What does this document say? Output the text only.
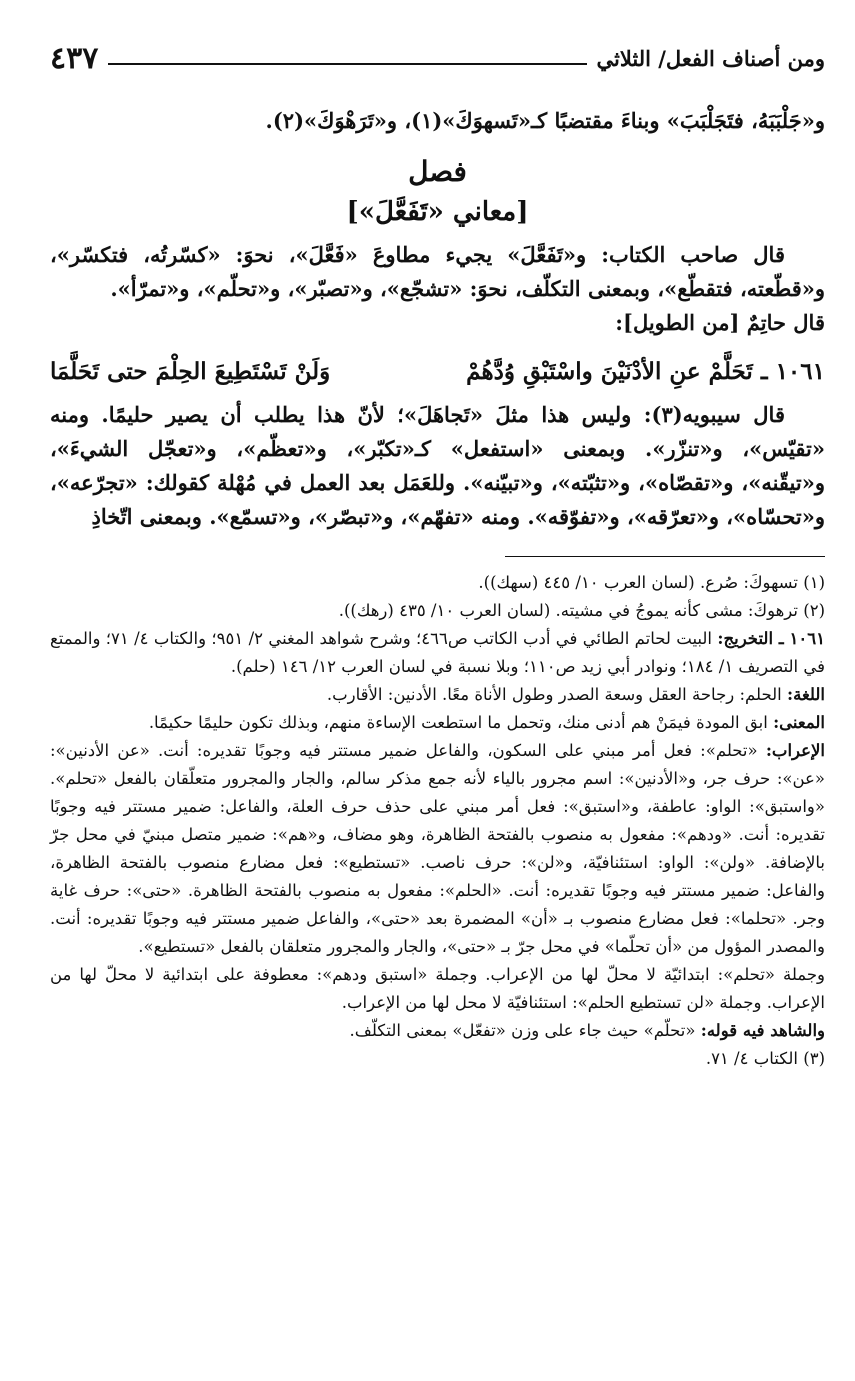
ومن أصناف الفعل/ الثلاثي
٤٣٧

و«جَلْبَبَهُ، فتَجَلْبَبَ» وبناءَ مقتضبًا كـ«تَسهوَكَ»(١)، و«تَرَهْوَكَ»(٢).

فصل
[معاني «تَفَعَّلَ»]

قال صاحب الكتاب: و«تَفَعَّلَ» يجيء مطاوعَ «فَعَّلَ»، نحوَ: «كسّرتُه، فتكسّر»، و«قطّعته، فتقطّع»، وبمعنى التكلّف، نحوَ: «تشجّع»، و«تصبّر»، و«تحلّم»، و«تمرّأ».

قال حاتِمٌ [من الطويل]:

١٠٦١ ـ تَحَلَّمْ عنِ الأدْنَيْنَ واسْتَبْقِ وُدَّهُمْ
وَلَنْ تَسْتَطِيعَ الحِلْمَ حتى تَحَلَّمَا

قال سيبويه(٣): وليس هذا مثلَ «تَجاهَلَ»؛ لأنّ هذا يطلب أن يصير حليمًا. ومنه «تقيّس»، و«تنزّر». وبمعنى «استفعل» كـ«تكبّر»، و«تعظّم»، و«تعجّل الشيءَ»، و«تيقّنه»، و«تقصّاه»، و«تثبّته»، و«تبيّنه». وللعَمَل بعد العمل في مُهْلة كقولك: «تجرّعه»، و«تحسّاه»، و«تعرّقه»، و«تفوّقه». ومنه «تفهّم»، و«تبصّر»، و«تسمّع». وبمعنى اتّخاذِ

(١) تسهوكَ: صُرع. (لسان العرب ١٠/ ٤٤٥ (سهك)).

(٢) ترهوكَ: مشى كأنه يموجُ في مشيته. (لسان العرب ١٠/ ٤٣٥ (رهك)).

١٠٦١ ـ التخريج: البيت لحاتم الطائي في أدب الكاتب ص٤٦٦؛ وشرح شواهد المغني ٢/ ٩٥١؛ والكتاب ٤/ ٧١؛ والممتع في التصريف ١/ ١٨٤؛ ونوادر أبي زيد ص١١٠؛ وبلا نسبة في لسان العرب ١٢/ ١٤٦ (حلم).

اللغة: الحلم: رجاحة العقل وسعة الصدر وطول الأناة معًا. الأدنين: الأقارب.

المعنى: ابق المودة فيمَنْ هم أدنى منك، وتحمل ما استطعت الإساءة منهم، وبذلك تكون حليمًا حكيمًا.

الإعراب: «تحلم»: فعل أمر مبني على السكون، والفاعل ضمير مستتر فيه وجوبًا تقديره: أنت. «عن الأدنين»: «عن»: حرف جر، و«الأدنين»: اسم مجرور بالياء لأنه جمع مذكر سالم، والجار والمجرور متعلّقان بالفعل «تحلم». «واستبق»: الواو: عاطفة، و«استبق»: فعل أمر مبني على حذف حرف العلة، والفاعل: ضمير مستتر فيه وجوبًا تقديره: أنت. «ودهم»: مفعول به منصوب بالفتحة الظاهرة، وهو مضاف، و«هم»: ضمير متصل مبنيّ في محل جرّ بالإضافة. «ولن»: الواو: استئنافيّة، و«لن»: حرف ناصب. «تستطيع»: فعل مضارع منصوب بالفتحة الظاهرة، والفاعل: ضمير مستتر فيه وجوبًا تقديره: أنت. «الحلم»: مفعول به منصوب بالفتحة الظاهرة. «حتى»: حرف غاية وجر. «تحلما»: فعل مضارع منصوب بـ «أن» المضمرة بعد «حتى»، والفاعل ضمير مستتر فيه وجوبًا تقديره: أنت. والمصدر المؤول من «أن تحلّما» في محل جرّ بـ «حتى»، والجار والمجرور متعلقان بالفعل «تستطيع».

وجملة «تحلم»: ابتدائيّة لا محلّ لها من الإعراب. وجملة «استبق ودهم»: معطوفة على ابتدائية لا محلّ لها من الإعراب. وجملة «لن تستطيع الحلم»: استئنافيّة لا محل لها من الإعراب.

والشاهد فيه قوله: «تحلّم» حيث جاء على وزن «تفعّل» بمعنى التكلّف.

(٣) الكتاب ٤/ ٧١.
